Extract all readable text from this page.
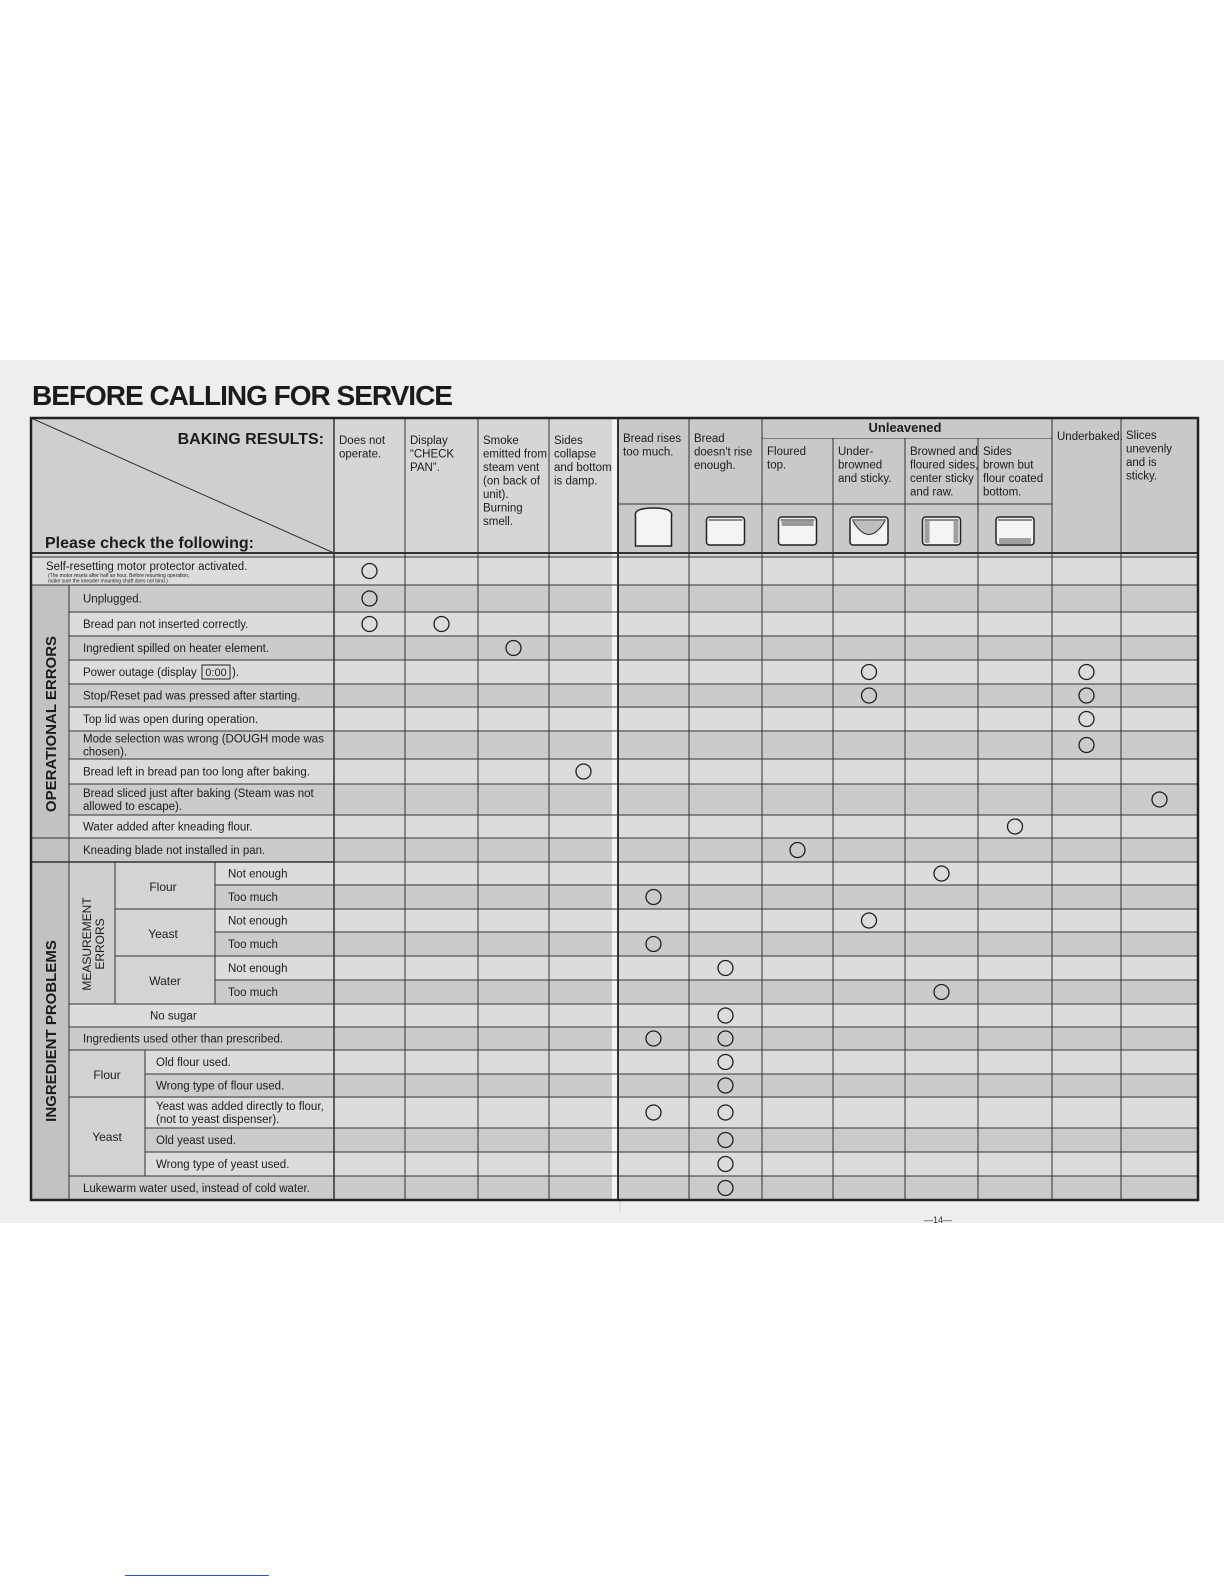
BEFORE CALLING FOR SERVICE
BAKING RESULTS:
Please check the following:
Unleavened
Does not
operate.
Display
“CHECK
PAN”.
Smoke
emitted from
steam vent
(on back of
unit).
Burning
smell.
Sides
collapse
and bottom
is damp.
Bread rises
too much.
Bread
doesn't rise
enough.
Floured
top.
Under-
browned
and sticky.
Browned and
floured sides,
center sticky
and raw.
Sides
brown but
flour coated
bottom.
Underbaked. Slices
unevenly
and is
sticky.
Self-resetting motor protector activated.
(The motor resets after half an hour. Before resuming operation,
make sure the kneader mounting shaft does not bind.)
Unplugged.
Bread pan not inserted correctly.
Ingredient spilled on heater element.
Power outage (display 0:00 ).
Stop/Reset pad was pressed after starting.
Top lid was open during operation.
Mode selection was wrong (DOUGH mode was
chosen).
Bread left in bread pan too long after baking.
Bread sliced just after baking (Steam was not
allowed to escape).
Water added after kneading flour.
Kneading blade not installed in pan.
Not enough
Too much
Not enough
Too much
Not enough
Too much
No sugar
Ingredients used other than prescribed.
Old flour used.
Wrong type of flour used.
Yeast was added directly to flour,
(not to yeast dispenser).
Old yeast used.
Wrong type of yeast used.
Lukewarm water used, instead of cold water.
OPERATIONAL ERRORS
INGREDIENT PROBLEMS MEASUREMENT ERRORS
Flour
Yeast
Water
Flour
Yeast
—14—
